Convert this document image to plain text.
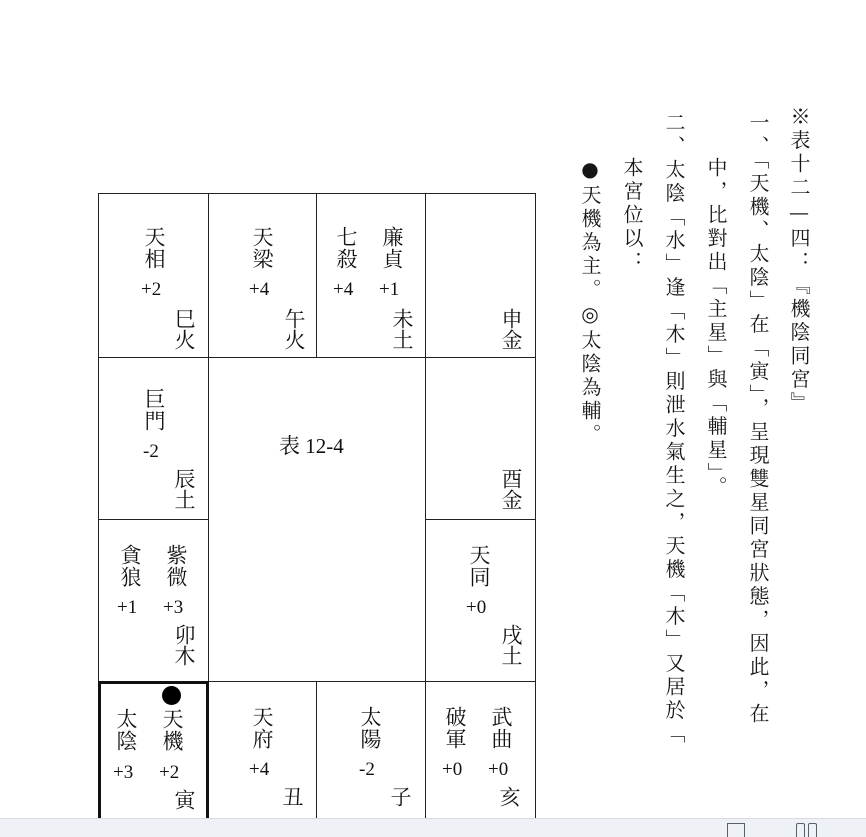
※表十二—四：『機陰同宮』
一、「天機、太陰」在「寅」，呈現雙星同宮狀態，因此，在
中，比對出「主星」與「輔星」。
二、太陰「水」逢「木」則泄水氣生之，天機「木」又居於「
本宮位以：
●天機為主。◎太陰為輔。
天相
+2
巳火
天梁
+4
午火
七殺
+4
廉貞
+1
未土
申金
巨門
-2
辰土
表 12-4
酉金
貪狼
+1
紫微
+3
卯木
天同
+0
戌土
太陰
+3
天機
+2
寅
天府
+4
丑
太陽
-2
子
破軍
+0
武曲
+0
亥
